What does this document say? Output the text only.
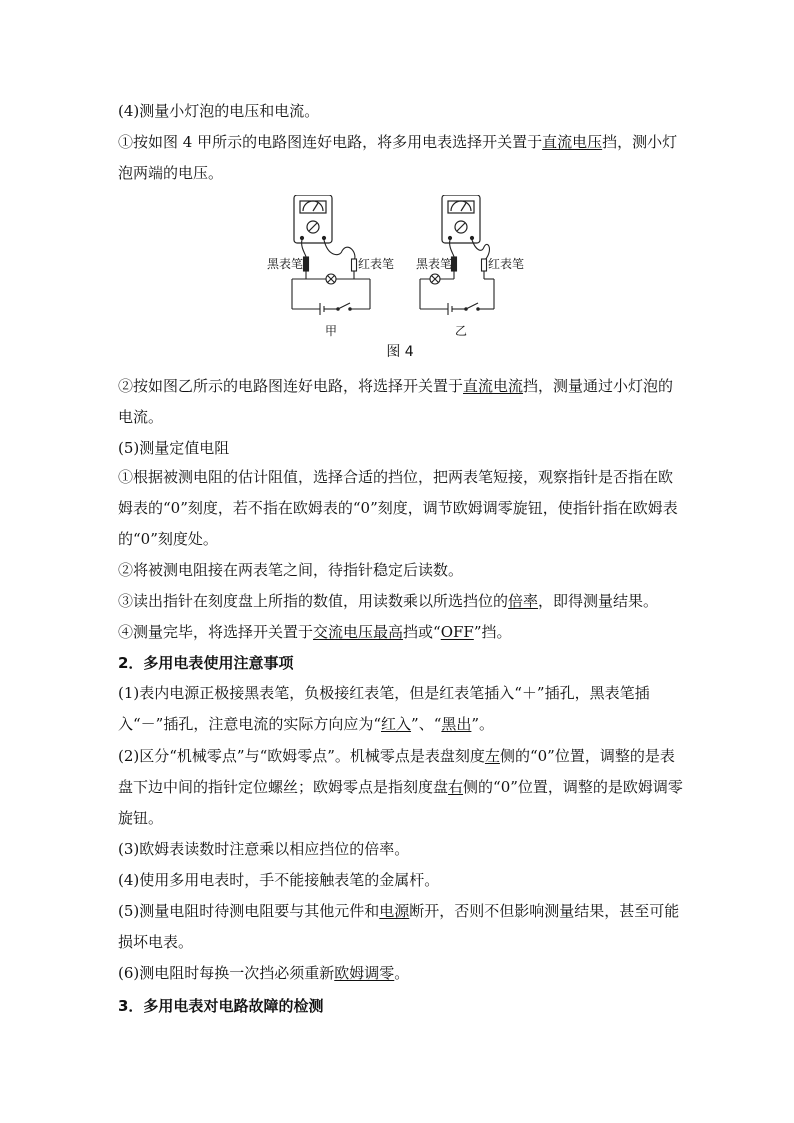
(4)测量小灯泡的电压和电流。

①按如图 4 甲所示的电路图连好电路，将多用电表选择开关置于直流电压挡，测小灯泡两端的电压。

黑表笔	红表笔
甲
黑表笔	红表笔
乙
图 4

②按如图乙所示的电路图连好电路，将选择开关置于直流电流挡，测量通过小灯泡的电流。

(5)测量定值电阻

①根据被测电阻的估计阻值，选择合适的挡位，把两表笔短接，观察指针是否指在欧姆表的“0”刻度，若不指在欧姆表的“0”刻度，调节欧姆调零旋钮，使指针指在欧姆表的“0”刻度处。

②将被测电阻接在两表笔之间，待指针稳定后读数。

③读出指针在刻度盘上所指的数值，用读数乘以所选挡位的倍率，即得测量结果。

④测量完毕，将选择开关置于交流电压最高挡或“OFF”挡。

2．多用电表使用注意事项

(1)表内电源正极接黑表笔，负极接红表笔，但是红表笔插入“＋”插孔，黑表笔插入“－”插孔，注意电流的实际方向应为“红入”、“黑出”。

(2)区分“机械零点”与“欧姆零点”。机械零点是表盘刻度左侧的“0”位置，调整的是表盘下边中间的指针定位螺丝；欧姆零点是指刻度盘右侧的“0”位置，调整的是欧姆调零旋钮。

(3)欧姆表读数时注意乘以相应挡位的倍率。

(4)使用多用电表时，手不能接触表笔的金属杆。

(5)测量电阻时待测电阻要与其他元件和电源断开，否则不但影响测量结果，甚至可能损坏电表。

(6)测电阻时每换一次挡必须重新欧姆调零。

3．多用电表对电路故障的检测
